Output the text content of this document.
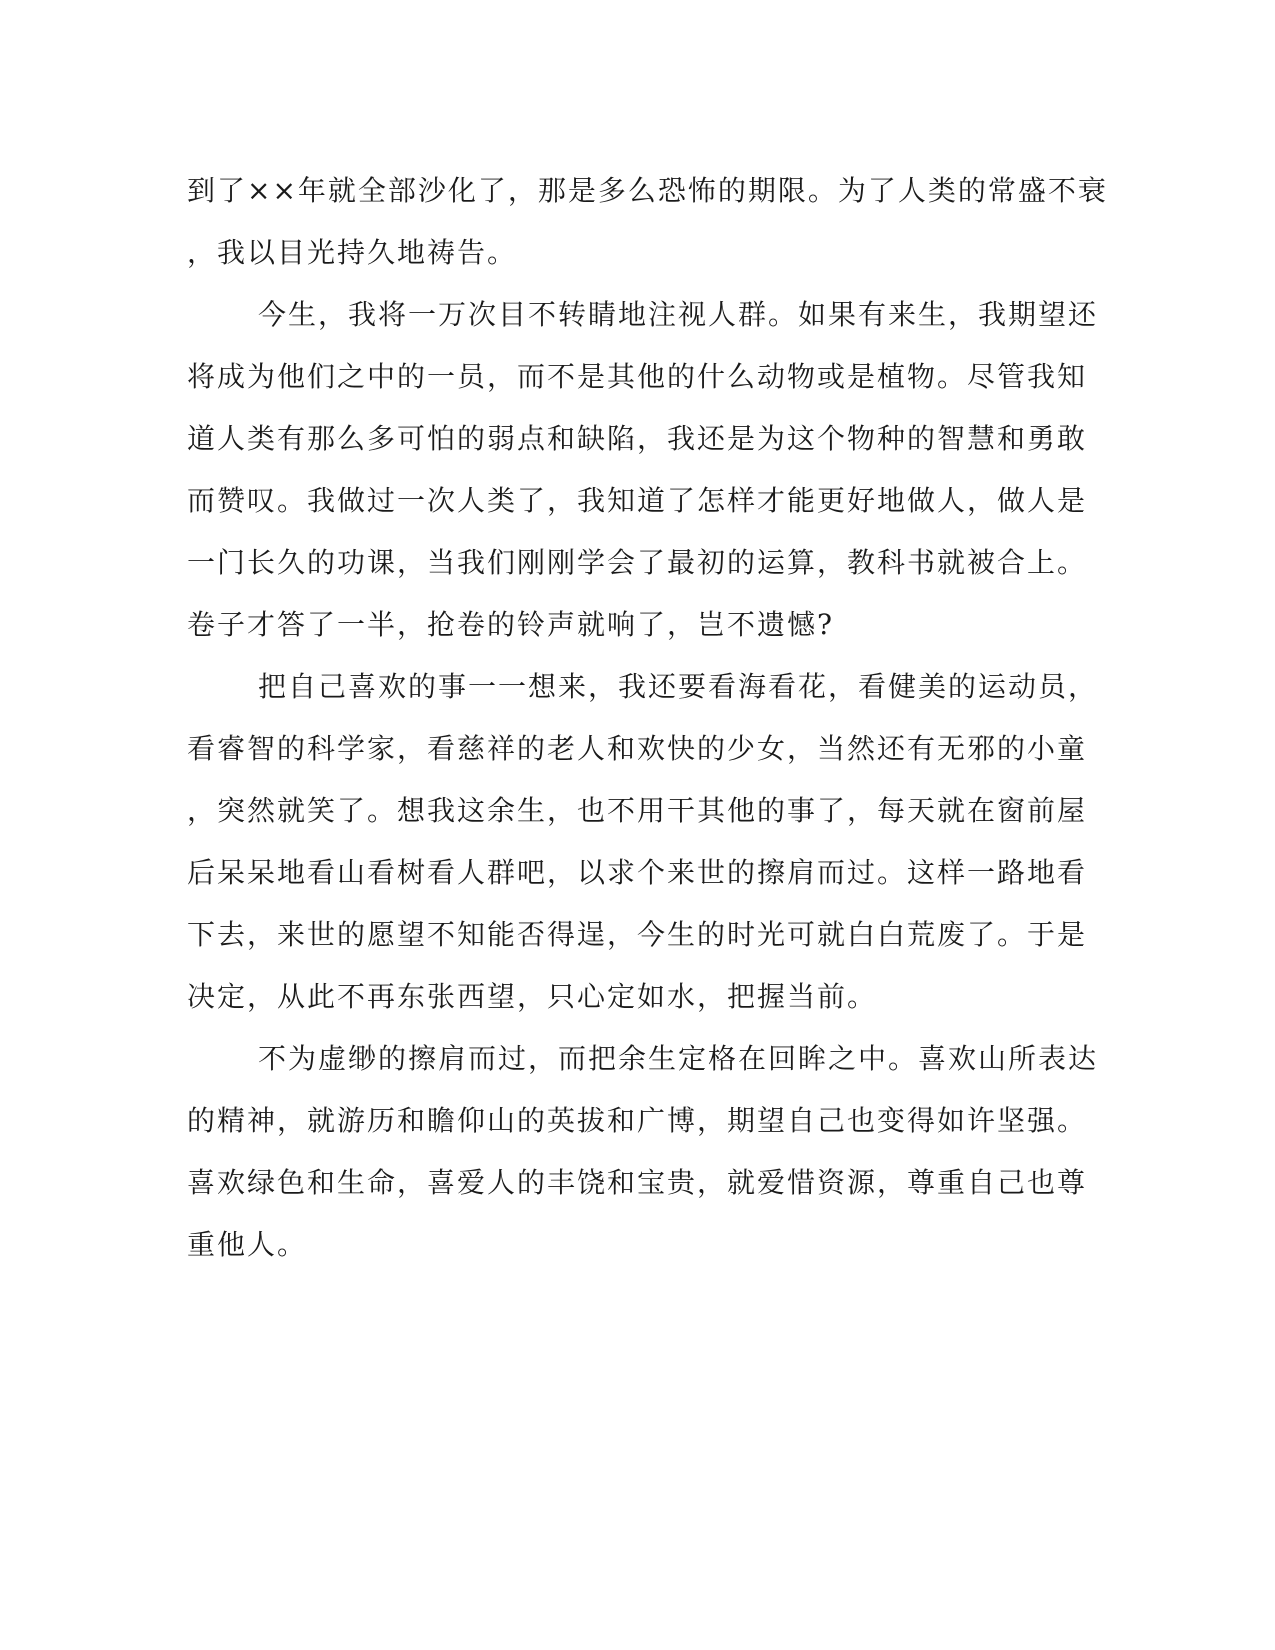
到了××年就全部沙化了，那是多么恐怖的期限。为了人类的常盛不衰
，我以目光持久地祷告。
今生，我将一万次目不转睛地注视人群。如果有来生，我期望还
将成为他们之中的一员，而不是其他的什么动物或是植物。尽管我知
道人类有那么多可怕的弱点和缺陷，我还是为这个物种的智慧和勇敢
而赞叹。我做过一次人类了，我知道了怎样才能更好地做人，做人是
一门长久的功课，当我们刚刚学会了最初的运算，教科书就被合上。
卷子才答了一半，抢卷的铃声就响了，岂不遗憾?
把自己喜欢的事一一想来，我还要看海看花，看健美的运动员，
看睿智的科学家，看慈祥的老人和欢快的少女，当然还有无邪的小童
，突然就笑了。想我这余生，也不用干其他的事了，每天就在窗前屋
后呆呆地看山看树看人群吧，以求个来世的擦肩而过。这样一路地看
下去，来世的愿望不知能否得逞，今生的时光可就白白荒废了。于是
决定，从此不再东张西望，只心定如水，把握当前。
不为虚缈的擦肩而过，而把余生定格在回眸之中。喜欢山所表达
的精神，就游历和瞻仰山的英拔和广博，期望自己也变得如许坚强。
喜欢绿色和生命，喜爱人的丰饶和宝贵，就爱惜资源，尊重自己也尊
重他人。
